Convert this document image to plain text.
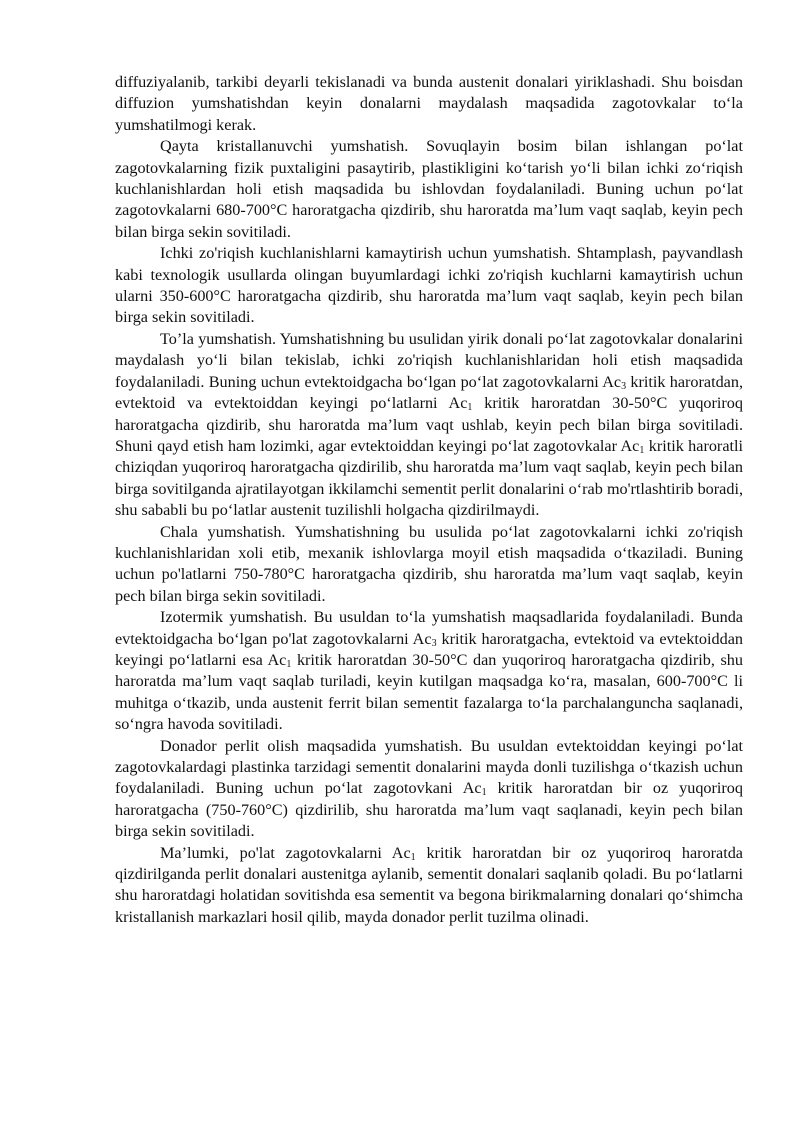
diffuziyalanib, tarkibi deyarli tekislanadi va bunda austenit donalari yiriklashadi. Shu boisdan diffuzion yumshatishdan keyin donalarni maydalash maqsadida zagotovkalar to‘la yumshatilmogi kerak.

Qayta kristallanuvchi yumshatish. Sovuqlayin bosim bilan ishlangan po‘lat zagotovkalarning fizik puxtaligini pasaytirib, plastikligini ko‘tarish yo‘li bilan ichki zo‘riqish kuchlanishlardan holi etish maqsadida bu ishlovdan foydalaniladi. Buning uchun po‘lat zagotovkalarni 680-700°C haroratgacha qizdirib, shu haroratda ma’lum vaqt saqlab, keyin pech bilan birga sekin sovitiladi.

Ichki zo'riqish kuchlanishlarni kamaytirish uchun yumshatish. Shtamplash, payvandlash kabi texnologik usullarda olingan buyumlardagi ichki zo'riqish kuchlarni kamaytirish uchun ularni 350-600°C haroratgacha qizdirib, shu haroratda ma’lum vaqt saqlab, keyin pech bilan birga sekin sovitiladi.

To’la yumshatish. Yumshatishning bu usulidan yirik donali po‘lat zagotovkalar donalarini maydalash yo‘li bilan tekislab, ichki zo'riqish kuchlanishlaridan holi etish maqsadida foydalaniladi. Buning uchun evtektoidgacha bo‘lgan po‘lat zagotovkalarni $Ac_3$ kritik haroratdan, evtektoid va evtektoiddan keyingi po‘latlarni $Ac_1$ kritik haroratdan 30-50°C yuqoriroq haroratgacha qizdirib, shu haroratda ma’lum vaqt ushlab, keyin pech bilan birga sovitiladi. Shuni qayd etish ham lozimki, agar evtektoiddan keyingi po‘lat zagotovkalar $Ac_1$ kritik haroratli chiziqdan yuqoriroq haroratgacha qizdirilib, shu haroratda ma’lum vaqt saqlab, keyin pech bilan birga sovitilganda ajratilayotgan ikkilamchi sementit perlit donalarini o‘rab mo'rtlashtirib boradi, shu sababli bu po‘latlar austenit tuzilishli holgacha qizdirilmaydi.

Chala yumshatish. Yumshatishning bu usulida po‘lat zagotovkalarni ichki zo'riqish kuchlanishlaridan xoli etib, mexanik ishlovlarga moyil etish maqsadida o‘tkaziladi. Buning uchun po'latlarni 750-780°C haroratgacha qizdirib, shu haroratda ma’lum vaqt saqlab, keyin pech bilan birga sekin sovitiladi.

Izotermik yumshatish. Bu usuldan to‘la yumshatish maqsadlarida foydalaniladi. Bunda evtektoidgacha bo‘lgan po'lat zagotovkalarni $Ac_3$ kritik haroratgacha, evtektoid va evtektoiddan keyingi po‘latlarni esa $Ac_1$ kritik haroratdan 30-50°C dan yuqoriroq haroratgacha qizdirib, shu haroratda ma’lum vaqt saqlab turiladi, keyin kutilgan maqsadga ko‘ra, masalan, 600-700°C li muhitga o‘tkazib, unda austenit ferrit bilan sementit fazalarga to‘la parchalanguncha saqlanadi, so‘ngra havoda sovitiladi.

Donador perlit olish maqsadida yumshatish. Bu usuldan evtektoiddan keyingi po‘lat zagotovkalardagi plastinka tarzidagi sementit donalarini mayda donli tuzilishga o‘tkazish uchun foydalaniladi. Buning uchun po‘lat zagotovkani $Ac_1$ kritik haroratdan bir oz yuqoriroq haroratgacha (750-760°C) qizdirilib, shu haroratda ma’lum vaqt saqlanadi, keyin pech bilan birga sekin sovitiladi.

Ma’lumki, po'lat zagotovkalarni $Ac_1$ kritik haroratdan bir oz yuqoriroq haroratda qizdirilganda perlit donalari austenitga aylanib, sementit donalari saqlanib qoladi. Bu po‘latlarni shu haroratdagi holatidan sovitishda esa sementit va begona birikmalarning donalari qo‘shimcha kristallanish markazlari hosil qilib, mayda donador perlit tuzilma olinadi.
